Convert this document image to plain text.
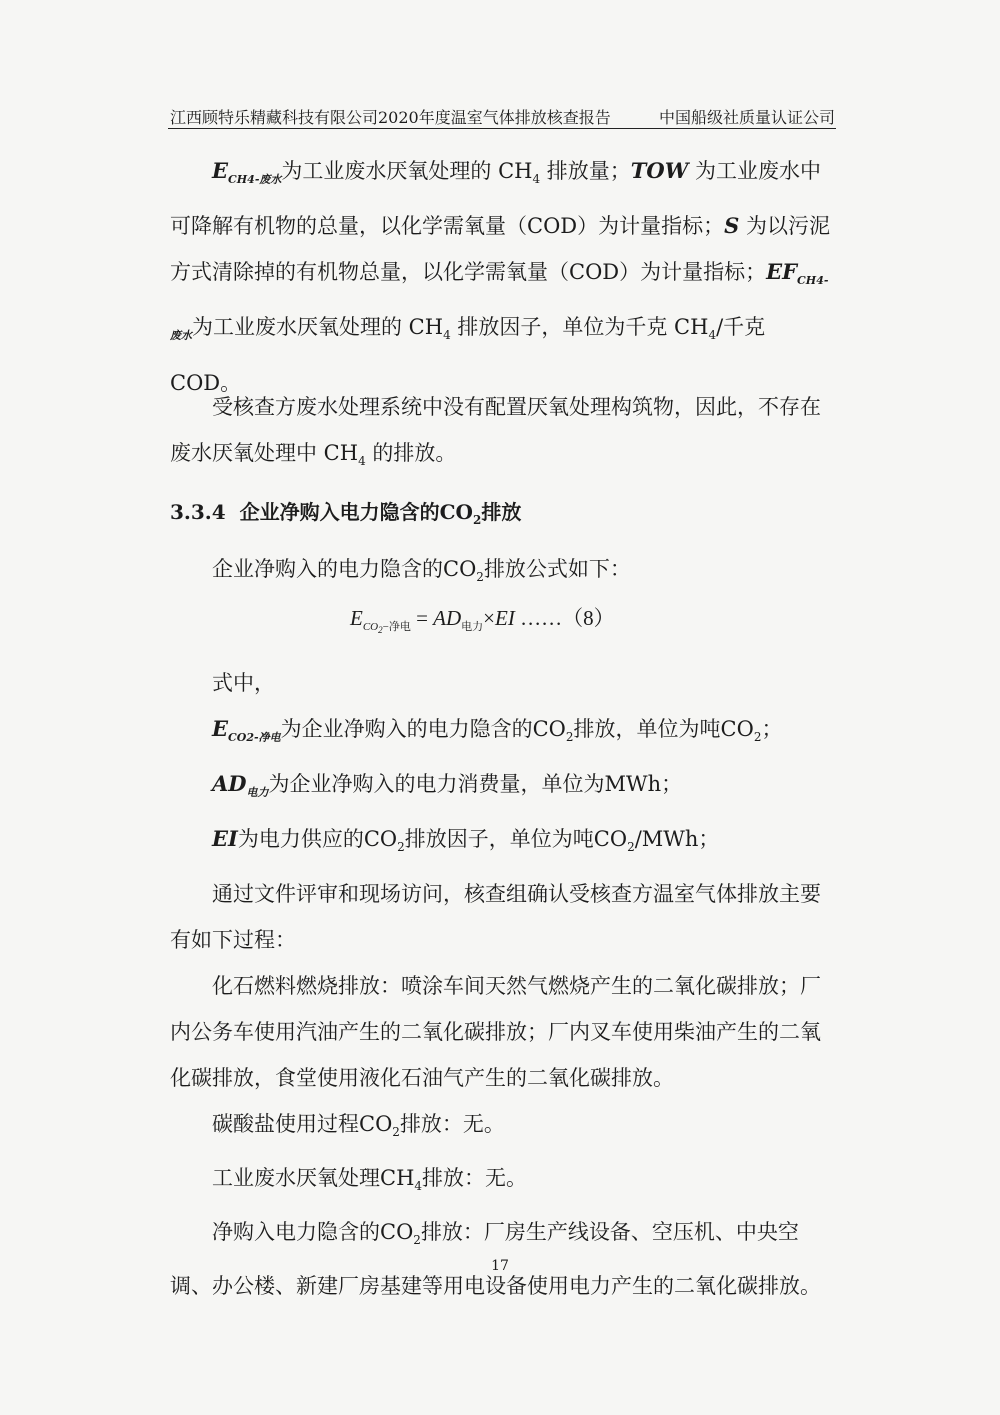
江西顾特乐精藏科技有限公司2020年度温室气体排放核查报告	中国船级社质量认证公司

$E_{CH4-废水}$为工业废水厌氧处理的 $CH_4$ 排放量；TOW 为工业废水中可降解有机物的总量，以化学需氧量（COD）为计量指标；S 为以污泥方式清除掉的有机物总量，以化学需氧量（COD）为计量指标；$EF_{CH4-废水}$为工业废水厌氧处理的 $CH_4$ 排放因子，单位为千克 $CH_4/$千克 COD。

受核查方废水处理系统中没有配置厌氧处理构筑物，因此，不存在废水厌氧处理中 $CH_4$ 的排放。

3.3.4 企业净购入电力隐含的$CO_2$排放

企业净购入的电力隐含的$CO_2$排放公式如下：

$E_{CO_2-净电} = AD_{电力}\times EI$ ……（8）

式中，

$E_{CO2-净电}$为企业净购入的电力隐含的$CO_2$排放，单位为吨$CO_2$；

$AD_{电力}$为企业净购入的电力消费量，单位为MWh；

EI为电力供应的$CO_2$排放因子，单位为吨$CO_2$/MWh；

通过文件评审和现场访问，核查组确认受核查方温室气体排放主要有如下过程：

化石燃料燃烧排放：喷涂车间天然气燃烧产生的二氧化碳排放；厂内公务车使用汽油产生的二氧化碳排放；厂内叉车使用柴油产生的二氧化碳排放，食堂使用液化石油气产生的二氧化碳排放。

碳酸盐使用过程$CO_2$排放：无。

工业废水厌氧处理$CH_4$排放：无。

净购入电力隐含的$CO_2$排放：厂房生产线设备、空压机、中央空调、办公楼、新建厂房基建等用电设备使用电力产生的二氧化碳排放。

17
